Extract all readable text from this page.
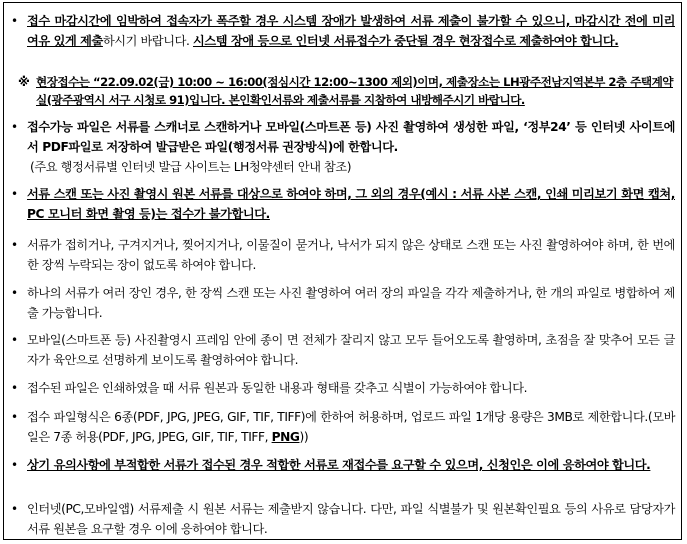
• 접수 마감시간에 임박하여 접속자가 폭주할 경우 시스템 장애가 발생하여 서류 제출이 불가할 수 있으니, 마감시간 전에 미리 여유 있게 제출하시기 바랍니다. 시스템 장애 등으로 인터넷 서류접수가 중단될 경우 현장접수로 제출하여야 합니다.
※ 현장접수는 “22.09.02(금) 10:00 ~ 16:00(점심시간 12:00~1300 제외)이며, 제출장소는 LH광주전남지역본부 2층 주택계약실(광주광역시 서구 시청로 91)입니다. 본인확인서류와 제출서류를 지참하여 내방해주시기 바랍니다.
• 접수가능 파일은 서류를 스캐너로 스캔하거나 모바일(스마트폰 등) 사진 촬영하여 생성한 파일, ‘정부24’ 등 인터넷 사이트에서 PDF파일로 저장하여 발급받은 파일(행정서류 권장방식)에 한합니다.
(주요 행정서류별 인터넷 발급 사이트는 LH청약센터 안내 참조)
• 서류 스캔 또는 사진 촬영시 원본 서류를 대상으로 하여야 하며, 그 외의 경우(예시 : 서류 사본 스캔, 인쇄 미리보기 화면 캡쳐, PC 모니터 화면 촬영 등)는 접수가 불가합니다.
• 서류가 접히거나, 구겨지거나, 찢어지거나, 이물질이 묻거나, 낙서가 되지 않은 상태로 스캔 또는 사진 촬영하여야 하며, 한 번에 한 장씩 누락되는 장이 없도록 하여야 합니다.
• 하나의 서류가 여러 장인 경우, 한 장씩 스캔 또는 사진 촬영하여 여러 장의 파일을 각각 제출하거나, 한 개의 파일로 병합하여 제출 가능합니다.
• 모바일(스마트폰 등) 사진촬영시 프레임 안에 종이 면 전체가 잘리지 않고 모두 들어오도록 촬영하며, 초점을 잘 맞추어 모든 글자가 육안으로 선명하게 보이도록 촬영하여야 합니다.
• 접수된 파일은 인쇄하였을 때 서류 원본과 동일한 내용과 형태를 갖추고 식별이 가능하여야 합니다.
• 접수 파일형식은 6종(PDF, JPG, JPEG, GIF, TIF, TIFF)에 한하여 허용하며, 업로드 파일 1개당 용량은 3MB로 제한합니다.(모바일은 7종 허용(PDF, JPG, JPEG, GIF, TIF, TIFF, PNG))
• 상기 유의사항에 부적합한 서류가 접수된 경우 적합한 서류로 재접수를 요구할 수 있으며, 신청인은 이에 응하여야 합니다.
• 인터넷(PC,모바일앱) 서류제출 시 원본 서류는 제출받지 않습니다. 다만, 파일 식별불가 및 원본확인필요 등의 사유로 담당자가 서류 원본을 요구할 경우 이에 응하여야 합니다.
